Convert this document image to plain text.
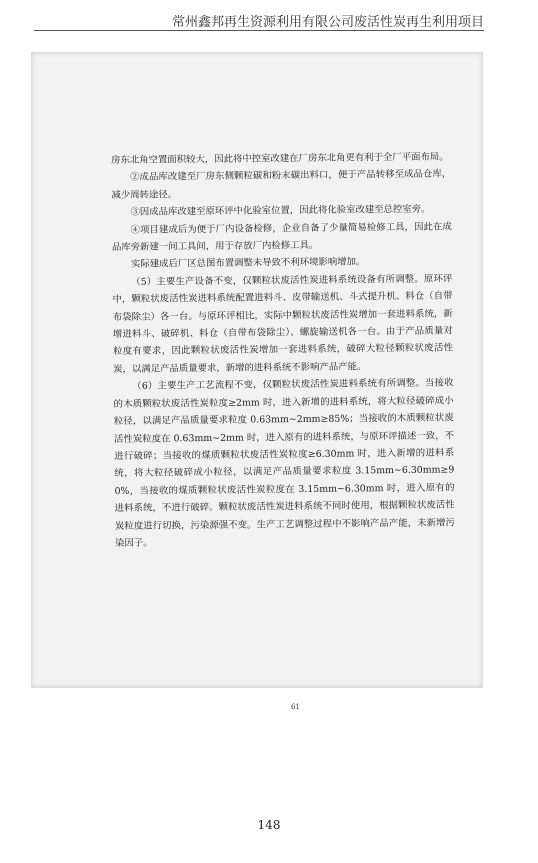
常州鑫邦再生资源利用有限公司废活性炭再生利用项目

房东北角空置面积较大，因此将中控室改建在厂房东北角更有利于全厂平面布局。

②成品库改建至厂房东侧颗粒碳和粉末碳出料口，便于产品转移至成品仓库，减少周转途径。

③因成品库改建至原环评中化验室位置，因此将化验室改建至总控室旁。

④项目建成后为便于厂内设备检修，企业自备了少量简易检修工具，因此在成品库旁新建一间工具间，用于存放厂内检修工具。

实际建成后厂区总图布置调整未导致不利环境影响增加。

（5）主要生产设备不变，仅颗粒状废活性炭进料系统设备有所调整。原环评中，颗粒状废活性炭进料系统配置进料斗、皮带输送机、斗式提升机、料仓（自带布袋除尘）各一台。与原环评相比，实际中颗粒状废活性炭增加一套进料系统，新增进料斗、破碎机、料仓（自带布袋除尘）、螺旋输送机各一台。由于产品质量对粒度有要求，因此颗粒状废活性炭增加一套进料系统，破碎大粒径颗粒状废活性炭，以满足产品质量要求，新增的进料系统不影响产品产能。

（6）主要生产工艺流程不变，仅颗粒状废活性炭进料系统有所调整。当接收的木质颗粒状废活性炭粒度≥2mm 时，进入新增的进料系统，将大粒径破碎成小粒径，以满足产品质量要求粒度 0.63mm~2mm≥85%；当接收的木质颗粒状废活性炭粒度在 0.63mm~2mm 时，进入原有的进料系统，与原环评描述一致，不进行破碎；当接收的煤质颗粒状废活性炭粒度≥6.30mm 时，进入新增的进料系统，将大粒径破碎成小粒径，以满足产品质量要求粒度 3.15mm~6.30mm≥90%，当接收的煤质颗粒状废活性炭粒度在 3.15mm~6.30mm 时，进入原有的进料系统，不进行破碎。颗粒状废活性炭进料系统不同时使用，根据颗粒状废活性炭粒度进行切换，污染源强不变。生产工艺调整过程中不影响产品产能，未新增污染因子。

61
148
